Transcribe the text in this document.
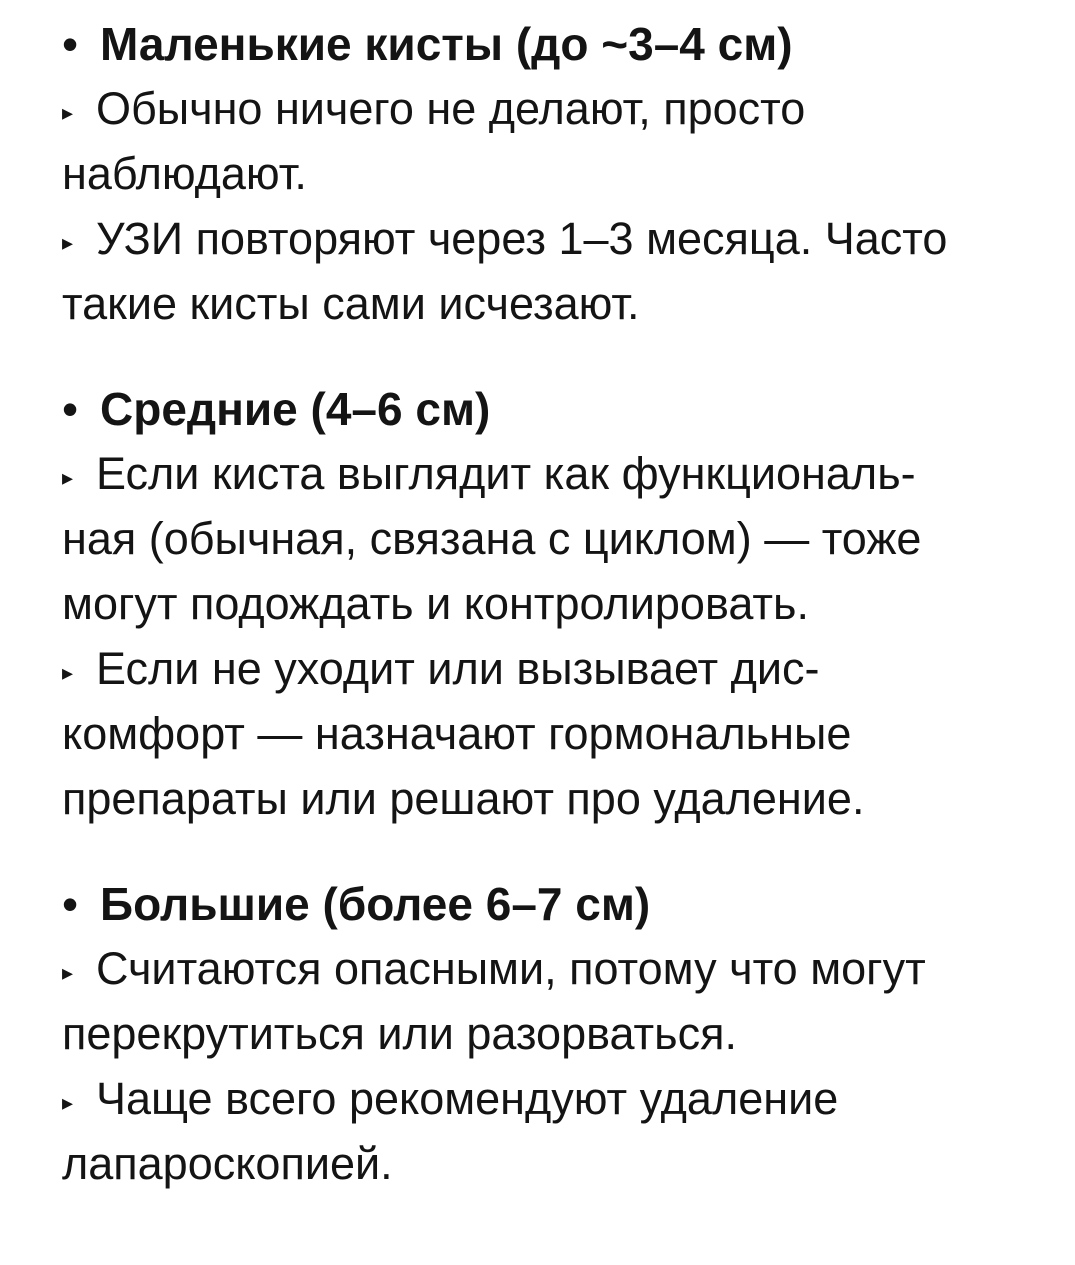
• Маленькие кисты (до ~3–4 см)
▸ Обычно ничего не делают, просто
наблюдают.
▸ УЗИ повторяют через 1–3 месяца. Часто
такие кисты сами исчезают.
• Средние (4–6 см)
▸ Если киста выглядит как функциональ-
ная (обычная, связана с циклом) — тоже
могут подождать и контролировать.
▸ Если не уходит или вызывает дис-
комфорт — назначают гормональные
препараты или решают про удаление.
• Большие (более 6–7 см)
▸ Считаются опасными, потому что могут
перекрутиться или разорваться.
▸ Чаще всего рекомендуют удаление
лапароскопией.
